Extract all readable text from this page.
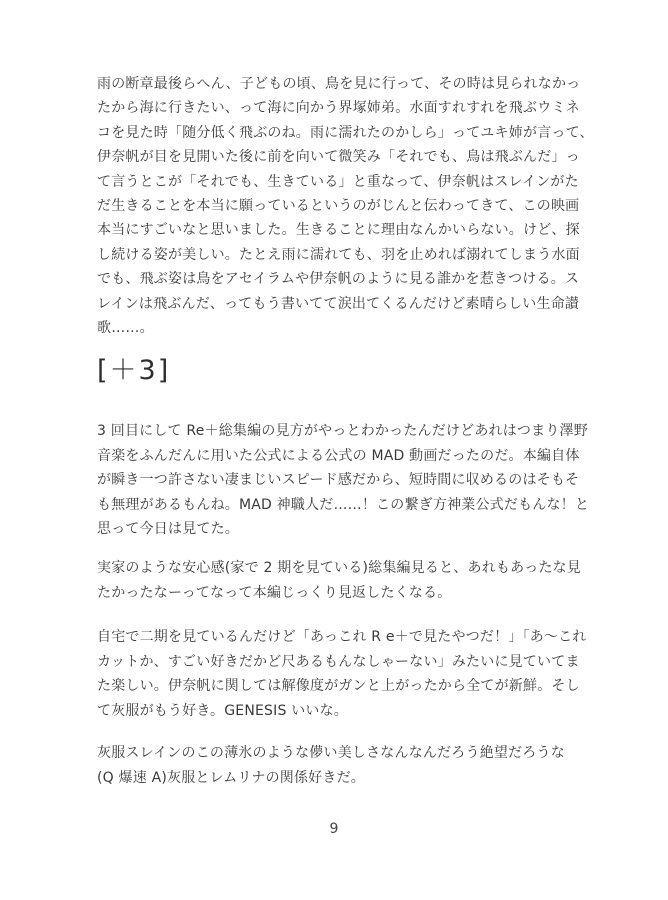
雨の断章最後らへん、子どもの頃、鳥を見に行って、その時は見られなかっ
たから海に行きたい、って海に向かう界塚姉弟。水面すれすれを飛ぶウミネ
コを見た時「随分低く飛ぶのね。雨に濡れたのかしら」ってユキ姉が言って、
伊奈帆が目を見開いた後に前を向いて微笑み「それでも、鳥は飛ぶんだ」っ
て言うとこが「それでも、生きている」と重なって、伊奈帆はスレインがた
だ生きることを本当に願っているというのがじんと伝わってきて、この映画
本当にすごいなと思いました。生きることに理由なんかいらない。けど、探
し続ける姿が美しい。たとえ雨に濡れても、羽を止めれば溺れてしまう水面
でも、飛ぶ姿は鳥をアセイラムや伊奈帆のように見る誰かを惹きつける。ス
レインは飛ぶんだ、ってもう書いてて涙出てくるんだけど素晴らしい生命讃
歌……。
[＋3]
3 回目にして Re＋総集編の見方がやっとわかったんだけどあれはつまり澤野
音楽をふんだんに用いた公式による公式の MAD 動画だったのだ。本編自体
が瞬き一つ許さない凄まじいスピード感だから、短時間に収めるのはそもそ
も無理があるもんね。MAD 神職人だ……！この繋ぎ方神業公式だもんな！と
思って今日は見てた。
実家のような安心感(家で 2 期を見ている)総集編見ると、あれもあったな見
たかったなーってなって本編じっくり見返したくなる。
自宅で二期を見ているんだけど「あっこれ R e＋で見たやつだ！」「あ〜これ
カットか、すごい好きだかど尺あるもんなしゃーない」みたいに見ていてま
た楽しい。伊奈帆に関しては解像度がガンと上がったから全てが新鮮。そし
て灰服がもう好き。GENESIS いいな。
灰服スレインのこの薄氷のような儚い美しさなんなんだろう絶望だろうな
(Q 爆速 A)灰服とレムリナの関係好きだ。
9
